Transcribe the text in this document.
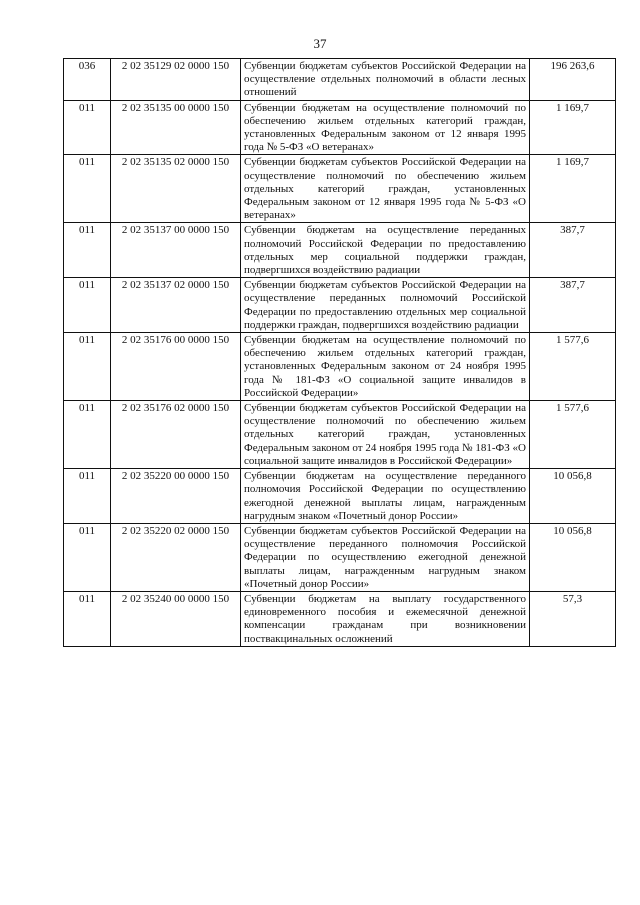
37
036	2 02 35129 02 0000 150	Субвенции бюджетам субъектов Российской Федерации на осуществление отдельных полномочий в области лесных отношений	196 263,6
011	2 02 35135 00 0000 150	Субвенции бюджетам на осуществление полномочий по обеспечению жильем отдельных категорий граждан, установленных Федеральным законом от 12 января 1995 года № 5-ФЗ «О ветеранах»	1 169,7
011	2 02 35135 02 0000 150	Субвенции бюджетам субъектов Российской Федерации на осуществление полномочий по обеспечению жильем отдельных категорий граждан, установленных Федеральным законом от 12 января 1995 года № 5-ФЗ «О ветеранах»	1 169,7
011	2 02 35137 00 0000 150	Субвенции бюджетам на осуществление переданных полномочий Российской Федерации по предоставлению отдельных мер социальной поддержки граждан, подвергшихся воздействию радиации	387,7
011	2 02 35137 02 0000 150	Субвенции бюджетам субъектов Российской Федерации на осуществление переданных полномочий Российской Федерации по предоставлению отдельных мер социальной поддержки граждан, подвергшихся воздействию радиации	387,7
011	2 02 35176 00 0000 150	Субвенции бюджетам на осуществление полномочий по обеспечению жильем отдельных категорий граждан, установленных Федеральным законом от 24 ноября 1995 года № 181-ФЗ «О социальной защите инвалидов в Российской Федерации»	1 577,6
011	2 02 35176 02 0000 150	Субвенции бюджетам субъектов Российской Федерации на осуществление полномочий по обеспечению жильем отдельных категорий граждан, установленных Федеральным законом от 24 ноября 1995 года № 181-ФЗ «О социальной защите инвалидов в Российской Федерации»	1 577,6
011	2 02 35220 00 0000 150	Субвенции бюджетам на осуществление переданного полномочия Российской Федерации по осуществлению ежегодной денежной выплаты лицам, награжденным нагрудным знаком «Почетный донор России»	10 056,8
011	2 02 35220 02 0000 150	Субвенции бюджетам субъектов Российской Федерации на осуществление переданного полномочия Российской Федерации по осуществлению ежегодной денежной выплаты лицам, награжденным нагрудным знаком «Почетный донор России»	10 056,8
011	2 02 35240 00 0000 150	Субвенции бюджетам на выплату государственного единовременного пособия и ежемесячной денежной компенсации гражданам при возникновении поствакцинальных осложнений	57,3
